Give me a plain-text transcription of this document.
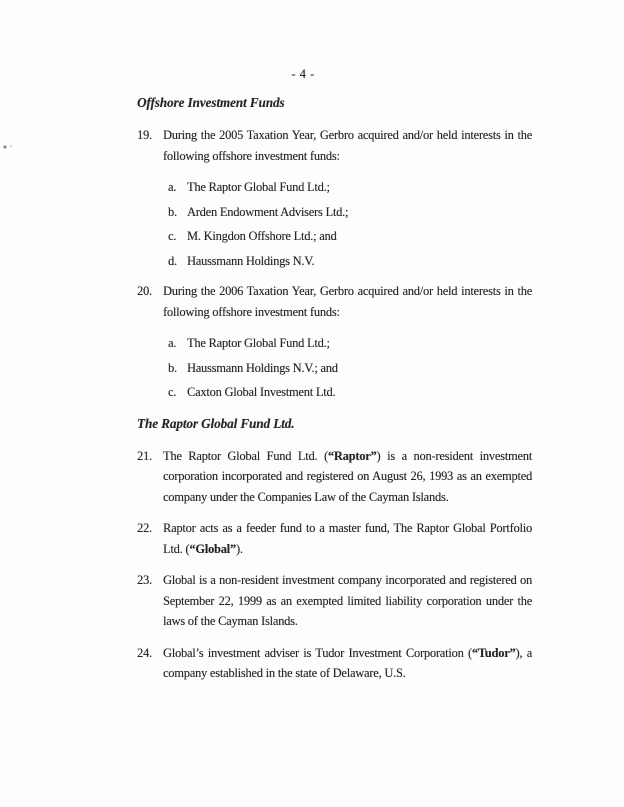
- 4 -
Offshore Investment Funds
19. During the 2005 Taxation Year, Gerbro acquired and/or held interests in the following offshore investment funds:
a. The Raptor Global Fund Ltd.;
b. Arden Endowment Advisers Ltd.;
c. M. Kingdon Offshore Ltd.; and
d. Haussmann Holdings N.V.
20. During the 2006 Taxation Year, Gerbro acquired and/or held interests in the following offshore investment funds:
a. The Raptor Global Fund Ltd.;
b. Haussmann Holdings N.V.; and
c. Caxton Global Investment Ltd.
The Raptor Global Fund Ltd.
21. The Raptor Global Fund Ltd. (“Raptor”) is a non-resident investment corporation incorporated and registered on August 26, 1993 as an exempted company under the Companies Law of the Cayman Islands.
22. Raptor acts as a feeder fund to a master fund, The Raptor Global Portfolio Ltd. (“Global”).
23. Global is a non-resident investment company incorporated and registered on September 22, 1999 as an exempted limited liability corporation under the laws of the Cayman Islands.
24. Global’s investment adviser is Tudor Investment Corporation (“Tudor”), a company established in the state of Delaware, U.S.
